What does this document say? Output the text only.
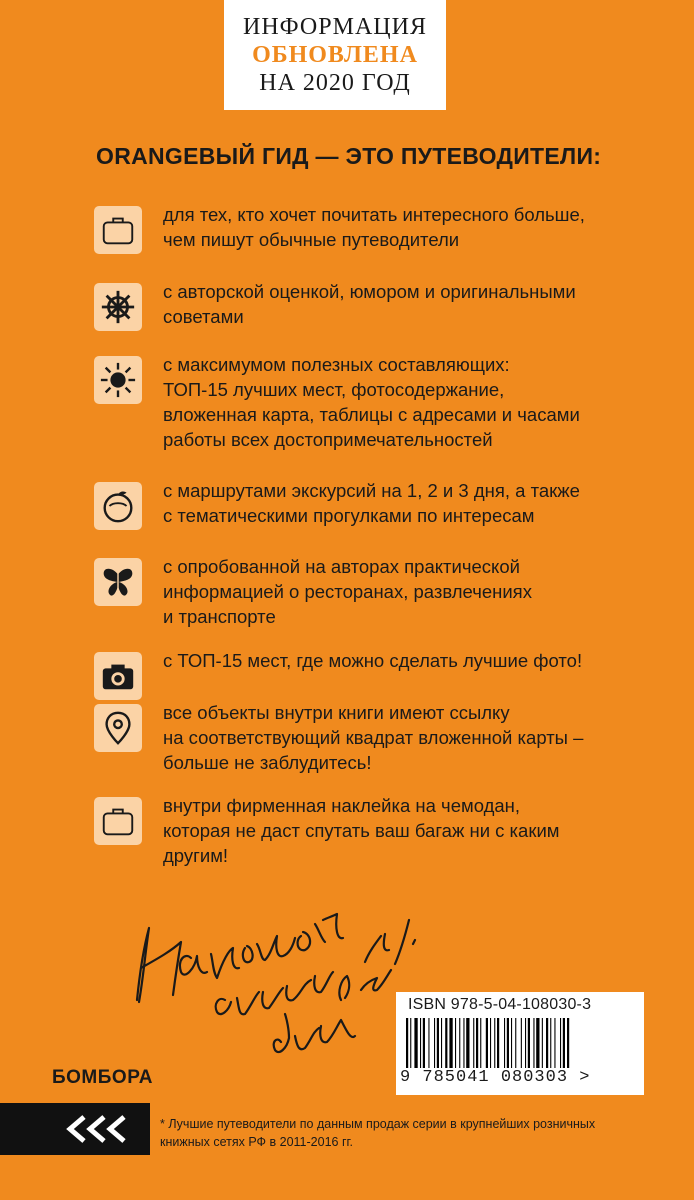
ИНФОРМАЦИЯ
ОБНОВЛЕНА
НА 2020 ГОД
ORANGEВЫЙ ГИД — ЭТО ПУТЕВОДИТЕЛИ:
для тех, кто хочет почитать интересного больше,
чем пишут обычные путеводители
с авторской оценкой, юмором и оригинальными
советами
с максимумом полезных составляющих:
ТОП-15 лучших мест, фотосодержание,
вложенная карта, таблицы с адресами и часами
работы всех достопримечательностей
с маршрутами экскурсий на 1, 2 и 3 дня, а также
с тематическими прогулками по интересам
с опробованной на авторах практической
информацией о ресторанах, развлечениях
и транспорте
с ТОП-15 мест, где можно сделать лучшие фото!
все объекты внутри книги имеют ссылку
на соответствующий квадрат вложенной карты –
больше не заблудитесь!
внутри фирменная наклейка на чемодан,
которая не даст спутать ваш багаж ни с каким
другим!
ISBN 978-5-04-108030-3
9 785041 080303 >
БОМБОРА
* Лучшие путеводители по данным продаж серии в крупнейших розничных
книжных сетях РФ в 2011-2016 гг.
